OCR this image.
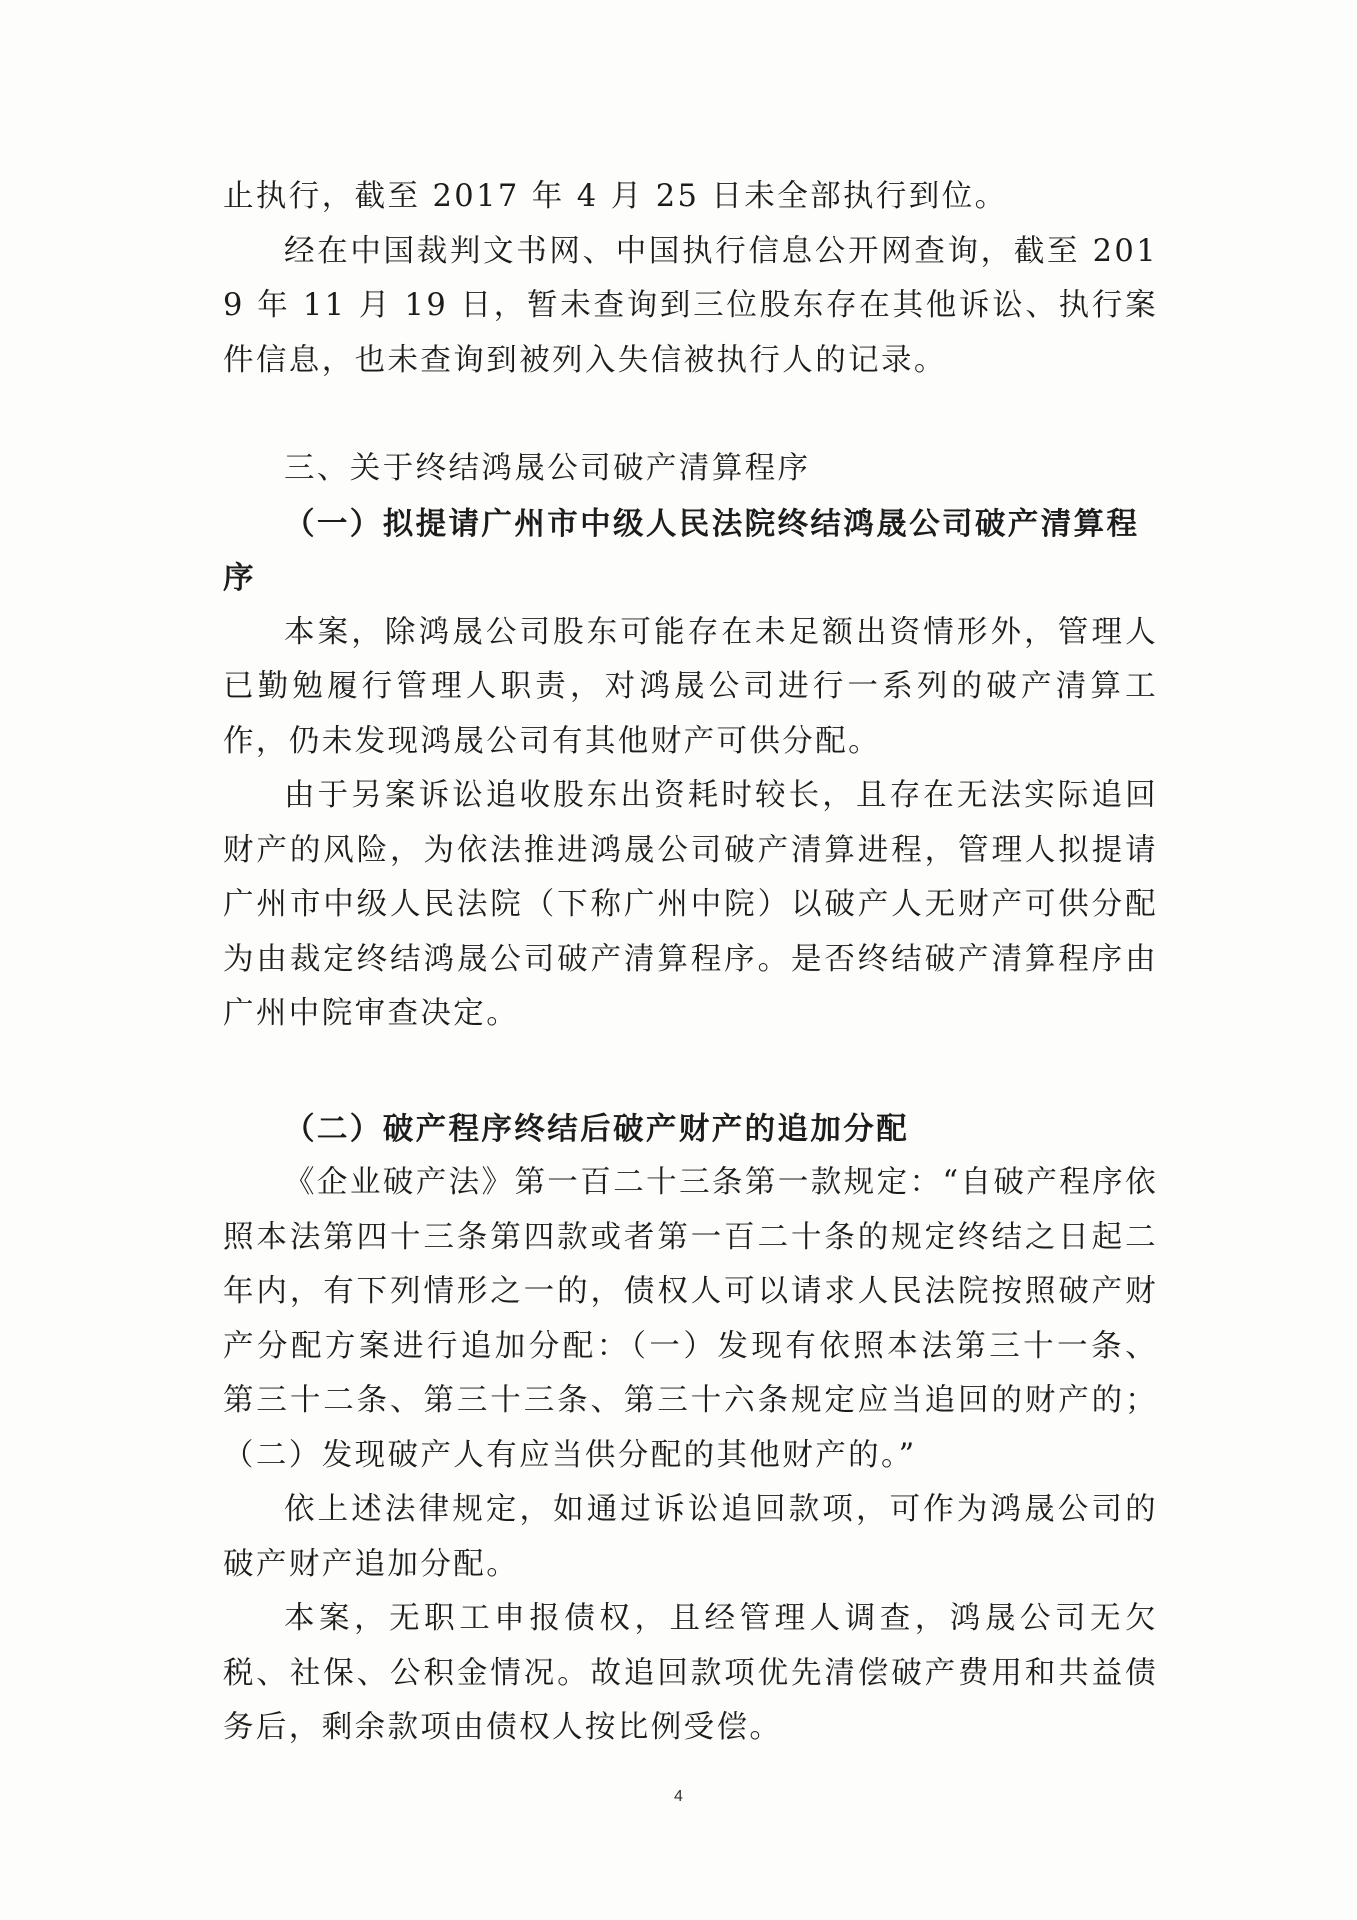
止执行，截至 2017 年 4 月 25 日未全部执行到位。

经在中国裁判文书网、中国执行信息公开网查询，截至 2019 年 11 月 19 日，暂未查询到三位股东存在其他诉讼、执行案件信息，也未查询到被列入失信被执行人的记录。

三、关于终结鸿晟公司破产清算程序

（一）拟提请广州市中级人民法院终结鸿晟公司破产清算程序

本案，除鸿晟公司股东可能存在未足额出资情形外，管理人已勤勉履行管理人职责，对鸿晟公司进行一系列的破产清算工作，仍未发现鸿晟公司有其他财产可供分配。

由于另案诉讼追收股东出资耗时较长，且存在无法实际追回财产的风险，为依法推进鸿晟公司破产清算进程，管理人拟提请广州市中级人民法院（下称广州中院）以破产人无财产可供分配为由裁定终结鸿晟公司破产清算程序。是否终结破产清算程序由广州中院审查决定。

（二）破产程序终结后破产财产的追加分配

《企业破产法》第一百二十三条第一款规定：“自破产程序依照本法第四十三条第四款或者第一百二十条的规定终结之日起二年内，有下列情形之一的，债权人可以请求人民法院按照破产财产分配方案进行追加分配：（一）发现有依照本法第三十一条、第三十二条、第三十三条、第三十六条规定应当追回的财产的；（二）发现破产人有应当供分配的其他财产的。”

依上述法律规定，如通过诉讼追回款项，可作为鸿晟公司的破产财产追加分配。

本案，无职工申报债权，且经管理人调查，鸿晟公司无欠税、社保、公积金情况。故追回款项优先清偿破产费用和共益债务后，剩余款项由债权人按比例受偿。

4
